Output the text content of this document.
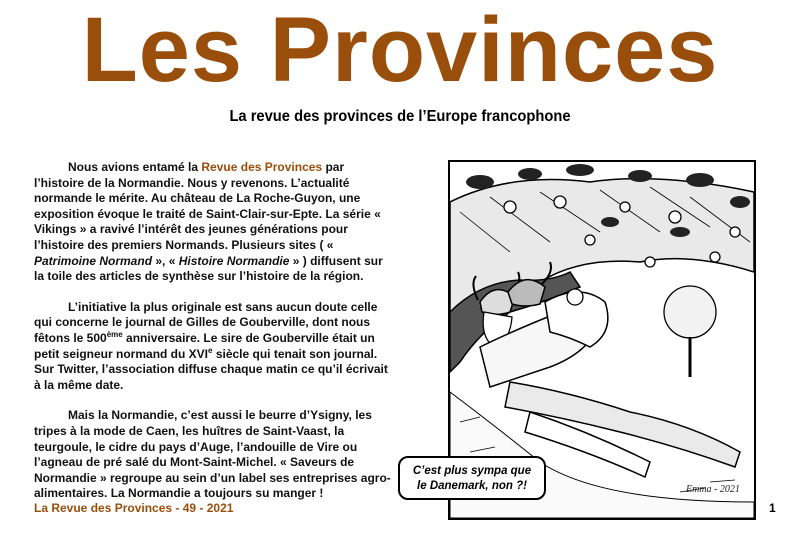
Les Provinces
La revue des provinces de l’Europe francophone

Nous avions entamé la Revue des Provinces par l’histoire de la Normandie. Nous y revenons. L’actualité normande le mérite. Au château de La Roche-Guyon, une exposition évoque le traité de Saint-Clair-sur-Epte. La série « Vikings » a ravivé l’intérêt des jeunes générations pour l’histoire des premiers Normands. Plusieurs sites ( « Patrimoine Normand », « Histoire Normandie » ) diffusent sur la toile des articles de synthèse sur l’histoire de la région.

L’initiative la plus originale est sans aucun doute celle qui concerne le journal de Gilles de Gouberville, dont nous fêtons le 500ème anniversaire. Le sire de Gouberville était un petit seigneur normand du XVIe siècle qui tenait son journal. Sur Twitter, l’association diffuse chaque matin ce qu’il écrivait à la même date.

Mais la Normandie, c’est aussi le beurre d’Ysigny, les tripes à la mode de Caen, les huîtres de Saint-Vaast, la teurgoule, le cidre du pays d’Auge, l’andouille de Vire ou l’agneau de pré salé du Mont-Saint-Michel. « Saveurs de Normandie » regroupe au sein d’un label ses entreprises agro-alimentaires. La Normandie a toujours su manger !

C’est plus sympa que
le Danemark, non ?!	Emma - 2021
La Revue des Provinces - 49 - 2021	1
